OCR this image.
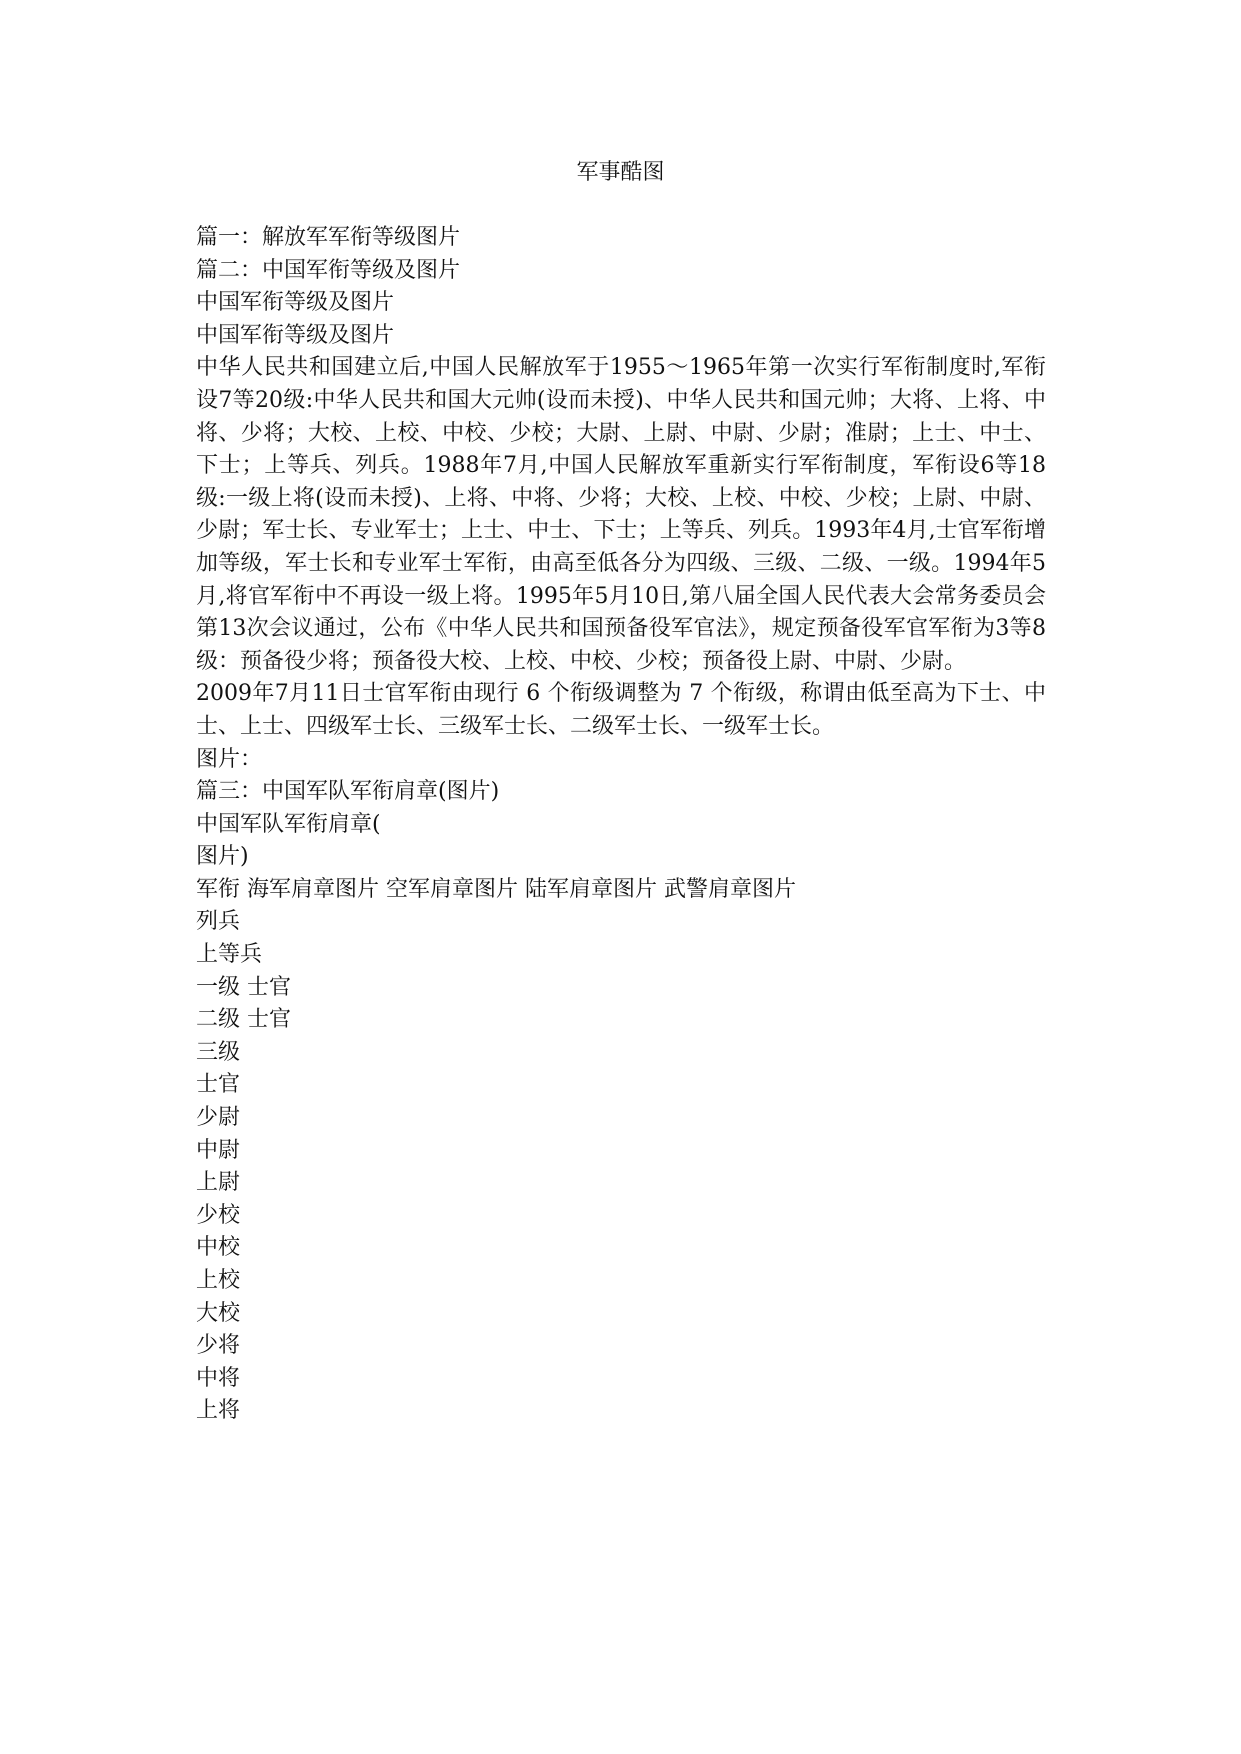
军事酷图
篇一：解放军军衔等级图片
篇二：中国军衔等级及图片
中国军衔等级及图片
中国军衔等级及图片
中华人民共和国建立后,中国人民解放军于1955～1965年第一次实行军衔制度时,军衔设7等20级:中华人民共和国大元帅(设而未授)、中华人民共和国元帅；大将、上将、中将、少将；大校、上校、中校、少校；大尉、上尉、中尉、少尉；准尉；上士、中士、下士；上等兵、列兵。1988年7月,中国人民解放军重新实行军衔制度，军衔设6等18级:一级上将(设而未授)、上将、中将、少将；大校、上校、中校、少校；上尉、中尉、少尉；军士长、专业军士；上士、中士、下士；上等兵、列兵。1993年4月,士官军衔增加等级，军士长和专业军士军衔，由高至低各分为四级、三级、二级、一级。1994年5月,将官军衔中不再设一级上将。1995年5月10日,第八届全国人民代表大会常务委员会第13次会议通过，公布《中华人民共和国预备役军官法》，规定预备役军官军衔为3等8级：预备役少将；预备役大校、上校、中校、少校；预备役上尉、中尉、少尉。
2009年7月11日士官军衔由现行 6 个衔级调整为 7 个衔级，称谓由低至高为下士、中士、上士、四级军士长、三级军士长、二级军士长、一级军士长。
图片：
篇三：中国军队军衔肩章(图片)
中国军队军衔肩章(
图片)
军衔 海军肩章图片 空军肩章图片 陆军肩章图片 武警肩章图片
列兵
上等兵
一级 士官
二级 士官
三级
士官
少尉
中尉
上尉
少校
中校
上校
大校
少将
中将
上将
